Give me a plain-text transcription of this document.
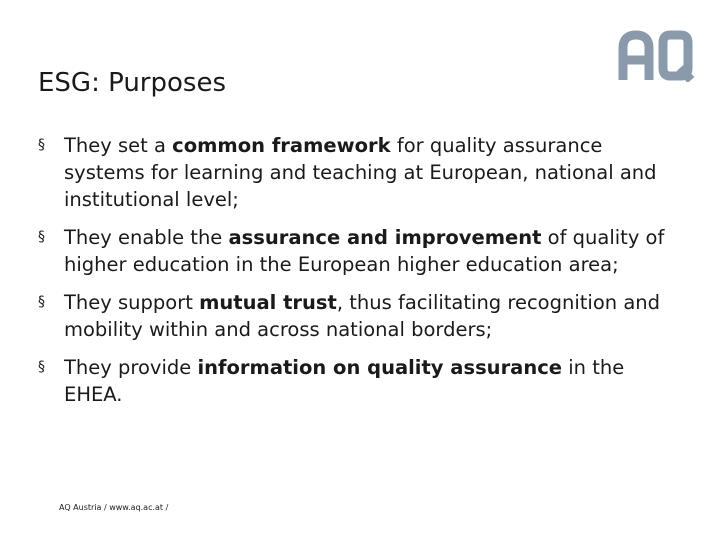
ESG: Purposes
§ They set a common framework for quality assurance systems for learning and teaching at European, national and institutional level;
§ They enable the assurance and improvement of quality of higher education in the European higher education area;
§ They support mutual trust, thus facilitating recognition and mobility within and across national borders;
§ They provide information on quality assurance in the EHEA.
AQ Austria / www.aq.ac.at /
